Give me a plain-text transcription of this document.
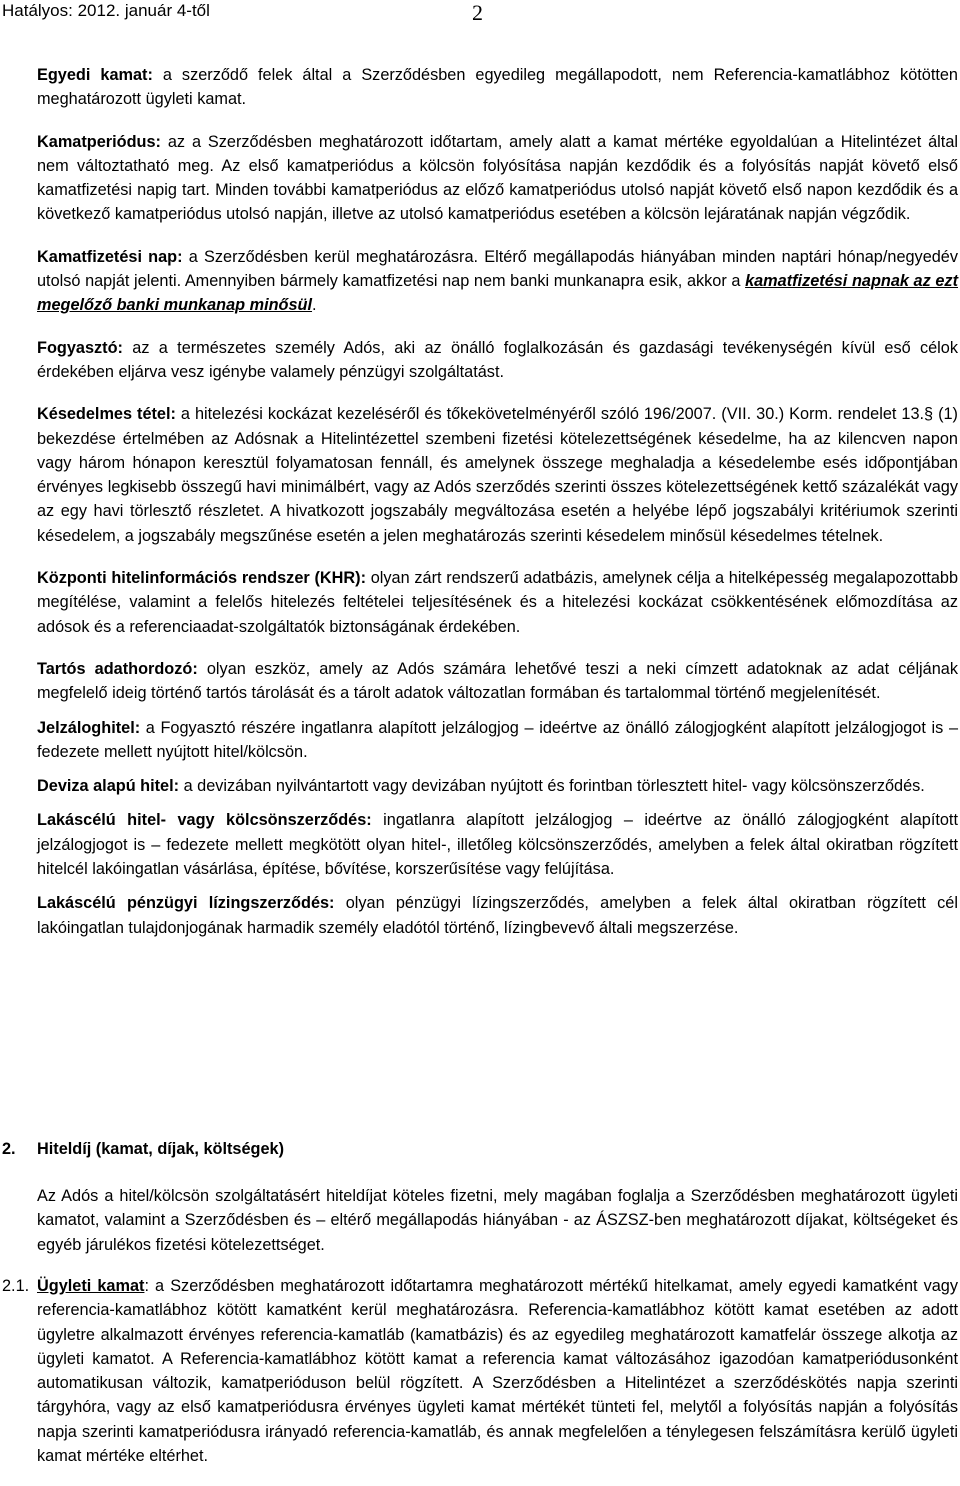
Hatályos: 2012. január 4-től	2

Egyedi kamat: a szerződő felek által a Szerződésben egyedileg megállapodott, nem Referencia-kamatlábhoz kötötten meghatározott ügyleti kamat.

Kamatperiódus: az a Szerződésben meghatározott időtartam, amely alatt a kamat mértéke egyoldalúan a Hitelintézet által nem változtatható meg. Az első kamatperiódus a kölcsön folyósítása napján kezdődik és a folyósítás napját követő első kamatfizetési napig tart. Minden további kamatperiódus az előző kamatperiódus utolsó napját követő első napon kezdődik és a következő kamatperiódus utolsó napján, illetve az utolsó kamatperiódus esetében a kölcsön lejáratának napján végződik.

Kamatfizetési nap: a Szerződésben kerül meghatározásra. Eltérő megállapodás hiányában minden naptári hónap/negyedév utolsó napját jelenti. Amennyiben bármely kamatfizetési nap nem banki munkanapra esik, akkor a kamatfizetési napnak az ezt megelőző banki munkanap minősül.

Fogyasztó: az a természetes személy Adós, aki az önálló foglalkozásán és gazdasági tevékenységén kívül eső célok érdekében eljárva vesz igénybe valamely pénzügyi szolgáltatást.

Késedelmes tétel: a hitelezési kockázat kezeléséről és tőkekövetelményéről szóló 196/2007. (VII. 30.) Korm. rendelet 13.§ (1) bekezdése értelmében az Adósnak a Hitelintézettel szembeni fizetési kötelezettségének késedelme, ha az kilencven napon vagy három hónapon keresztül folyamatosan fennáll, és amelynek összege meghaladja a késedelembe esés időpontjában érvényes legkisebb összegű havi minimálbért, vagy az Adós szerződés szerinti összes kötelezettségének kettő százalékát vagy az egy havi törlesztő részletet. A hivatkozott jogszabály megváltozása esetén a helyébe lépő jogszabályi kritériumok szerinti késedelem, a jogszabály megszűnése esetén a jelen meghatározás szerinti késedelem minősül késedelmes tételnek.

Központi hitelinformációs rendszer (KHR): olyan zárt rendszerű adatbázis, amelynek célja a hitelképesség megalapozottabb megítélése, valamint a felelős hitelezés feltételei teljesítésének és a hitelezési kockázat csökkentésének előmozdítása az adósok és a referenciaadat-szolgáltatók biztonságának érdekében.

Tartós adathordozó: olyan eszköz, amely az Adós számára lehetővé teszi a neki címzett adatoknak az adat céljának megfelelő ideig történő tartós tárolását és a tárolt adatok változatlan formában és tartalommal történő megjelenítését.

Jelzáloghitel: a Fogyasztó részére ingatlanra alapított jelzálogjog – ideértve az önálló zálogjogként alapított jelzálogjogot is – fedezete mellett nyújtott hitel/kölcsön.

Deviza alapú hitel: a devizában nyilvántartott vagy devizában nyújtott és forintban törlesztett hitel- vagy kölcsönszerződés.

Lakáscélú hitel- vagy kölcsönszerződés: ingatlanra alapított jelzálogjog – ideértve az önálló zálogjogként alapított jelzálogjogot is – fedezete mellett megkötött olyan hitel-, illetőleg kölcsönszerződés, amelyben a felek által okiratban rögzített hitelcél lakóingatlan vásárlása, építése, bővítése, korszerűsítése vagy felújítása.

Lakáscélú pénzügyi lízingszerződés: olyan pénzügyi lízingszerződés, amelyben a felek által okiratban rögzített cél lakóingatlan tulajdonjogának harmadik személy eladótól történő, lízingbevevő általi megszerzése.

2. Hiteldíj (kamat, díjak, költségek)

Az Adós a hitel/kölcsön szolgáltatásért hiteldíjat köteles fizetni, mely magában foglalja a Szerződésben meghatározott ügyleti kamatot, valamint a Szerződésben és – eltérő megállapodás hiányában - az ÁSZSZ-ben meghatározott díjakat, költségeket és egyéb járulékos fizetési kötelezettséget.

2.1. Ügyleti kamat: a Szerződésben meghatározott időtartamra meghatározott mértékű hitelkamat, amely egyedi kamatként vagy referencia-kamatlábhoz kötött kamatként kerül meghatározásra. Referencia-kamatlábhoz kötött kamat esetében az adott ügyletre alkalmazott érvényes referencia-kamatláb (kamatbázis) és az egyedileg meghatározott kamatfelár összege alkotja az ügyleti kamatot. A Referencia-kamatlábhoz kötött kamat a referencia kamat változásához igazodóan kamatperiódusonként automatikusan változik, kamatperióduson belül rögzített. A Szerződésben a Hitelintézet a szerződéskötés napja szerinti tárgyhóra, vagy az első kamatperiódusra érvényes ügyleti kamat mértékét tünteti fel, melytől a folyósítás napján a folyósítás napja szerinti kamatperiódusra irányadó referencia-kamatláb, és annak megfelelően a ténylegesen felszámításra kerülő ügyleti kamat mértéke eltérhet.
